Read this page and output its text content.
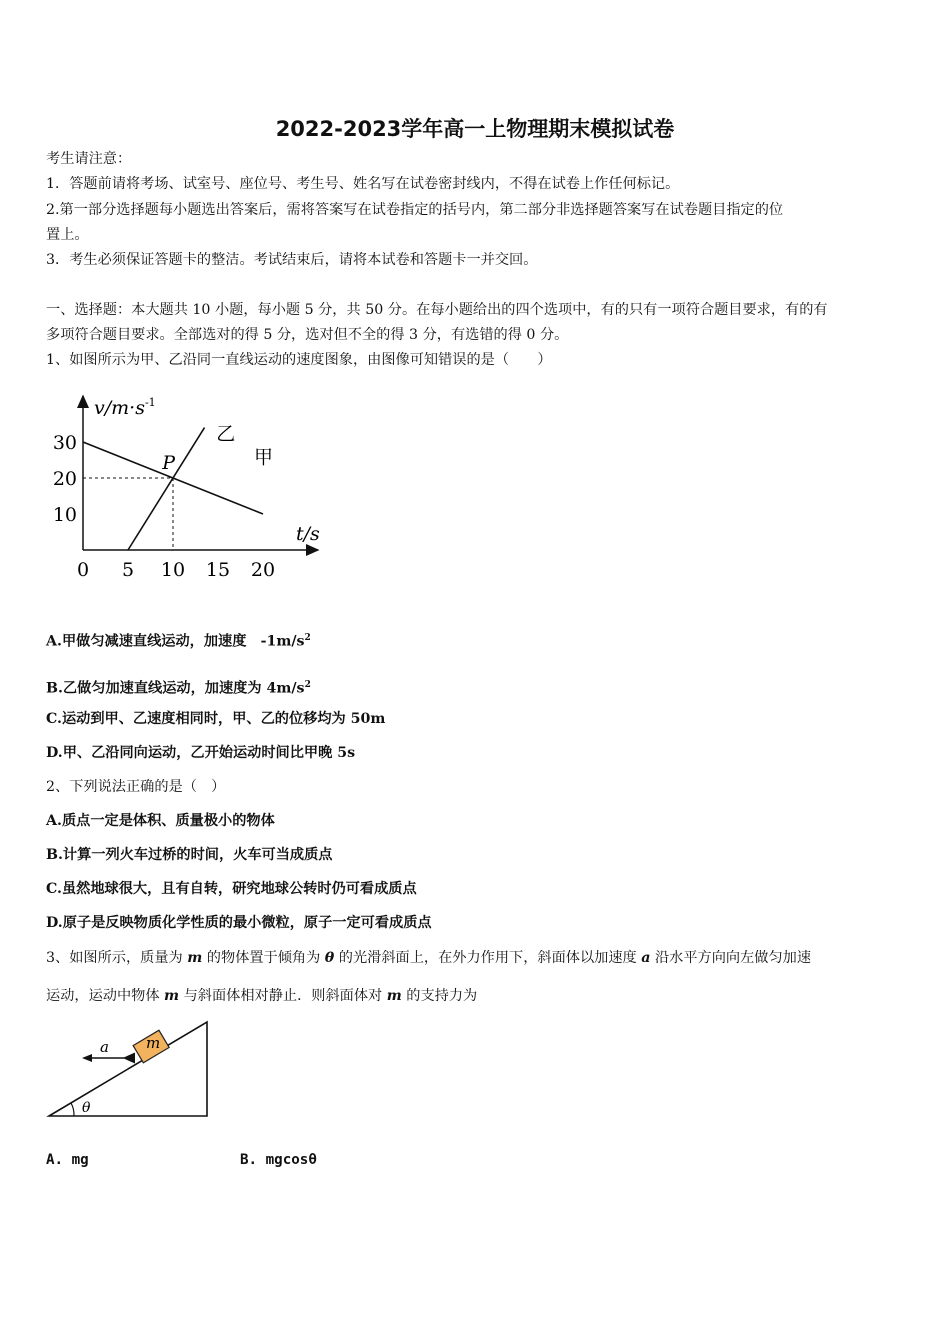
2022-2023学年高一上物理期末模拟试卷
考生请注意：
1．答题前请将考场、试室号、座位号、考生号、姓名写在试卷密封线内，不得在试卷上作任何标记。
2.第一部分选择题每小题选出答案后，需将答案写在试卷指定的括号内，第二部分非选择题答案写在试卷题目指定的位
置上。
3．考生必须保证答题卡的整洁。考试结束后，请将本试卷和答题卡一并交回。
一、选择题：本大题共 10 小题，每小题 5 分，共 50 分。在每小题给出的四个选项中，有的只有一项符合题目要求，有的有
多项符合题目要求。全部选对的得 5 分，选对但不全的得 3 分，有选错的得 0 分。
1、如图所示为甲、乙沿同一直线运动的速度图象，由图像可知错误的是（　　）
甲
乙
P
0 5 10 15 20
10
20
30
$v/m\cdot s^{-1}$
t/s
A.甲做匀减速直线运动，加速度　$-1m/s^2$
B.乙做匀加速直线运动，加速度为 $4m/s^2$
C.运动到甲、乙速度相同时，甲、乙的位移均为 50m
D.甲、乙沿同向运动，乙开始运动时间比甲晚 5s
2、下列说法正确的是（　）
A.质点一定是体积、质量极小的物体
B.计算一列火车过桥的时间，火车可当成质点
C.虽然地球很大，且有自转，研究地球公转时仍可看成质点
D.原子是反映物质化学性质的最小微粒，原子一定可看成质点
3、如图所示，质量为 m 的物体置于倾角为 θ 的光滑斜面上，在外力作用下，斜面体以加速度 a 沿水平方向向左做匀加速
运动，运动中物体 m 与斜面体相对静止．则斜面体对 m 的支持力为
m
a
θ
A. mg	B. mgcosθ
